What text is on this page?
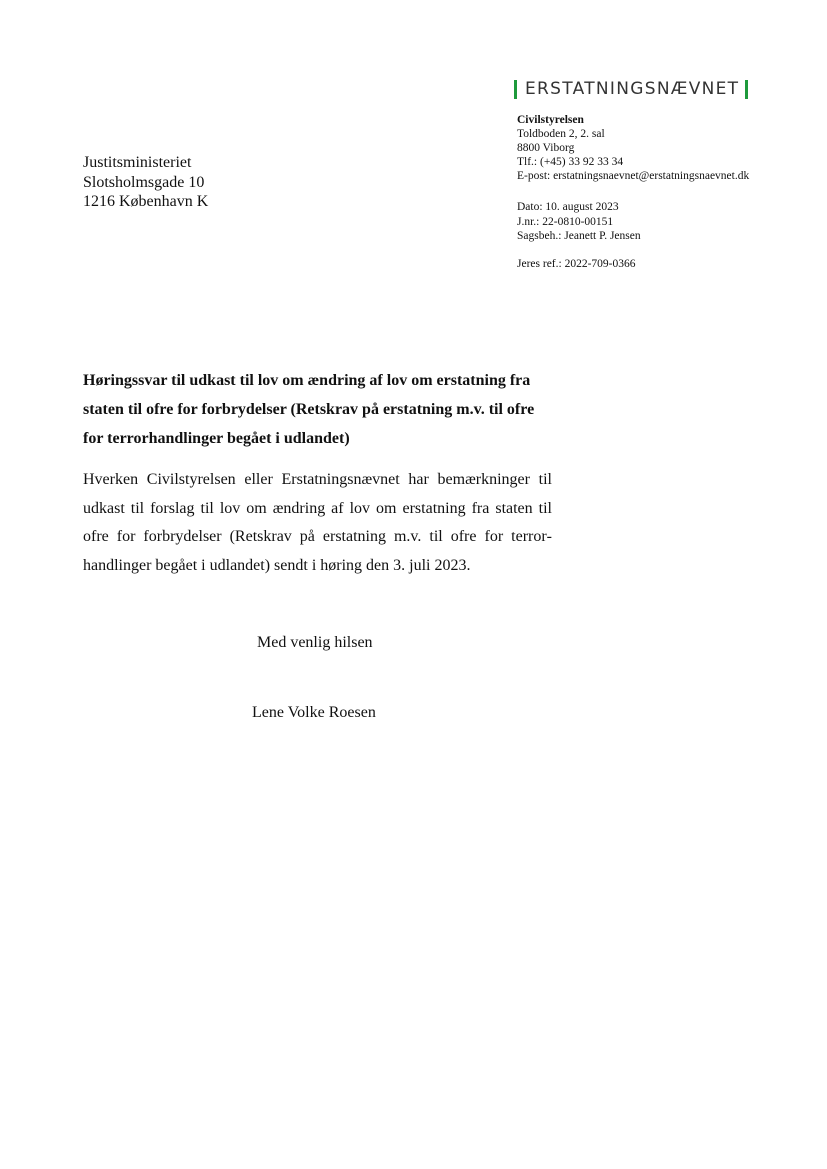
ERSTATNINGSNÆVNET
Civilstyrelsen
Toldboden 2, 2. sal
8800 Viborg
Tlf.: (+45) 33 92 33 34
E-post: erstatningsnaevnet@erstatningsnaevnet.dk
Dato: 10. august 2023
J.nr.: 22-0810-00151
Sagsbeh.: Jeanett P. Jensen
Jeres ref.: 2022-709-0366
Justitsministeriet
Slotsholmsgade 10
1216 København K

Høringssvar til udkast til lov om ændring af lov om erstatning fra staten til ofre for forbrydelser (Retskrav på erstatning m.v. til ofre for terrorhandlinger begået i udlandet)

Hverken Civilstyrelsen eller Erstatningsnævnet har bemærkninger til udkast til forslag til lov om ændring af lov om erstatning fra staten til ofre for forbrydelser (Retskrav på erstatning m.v. til ofre for terrorhandlinger begået i udlandet) sendt i høring den 3. juli 2023.

Med venlig hilsen
Lene Volke Roesen
